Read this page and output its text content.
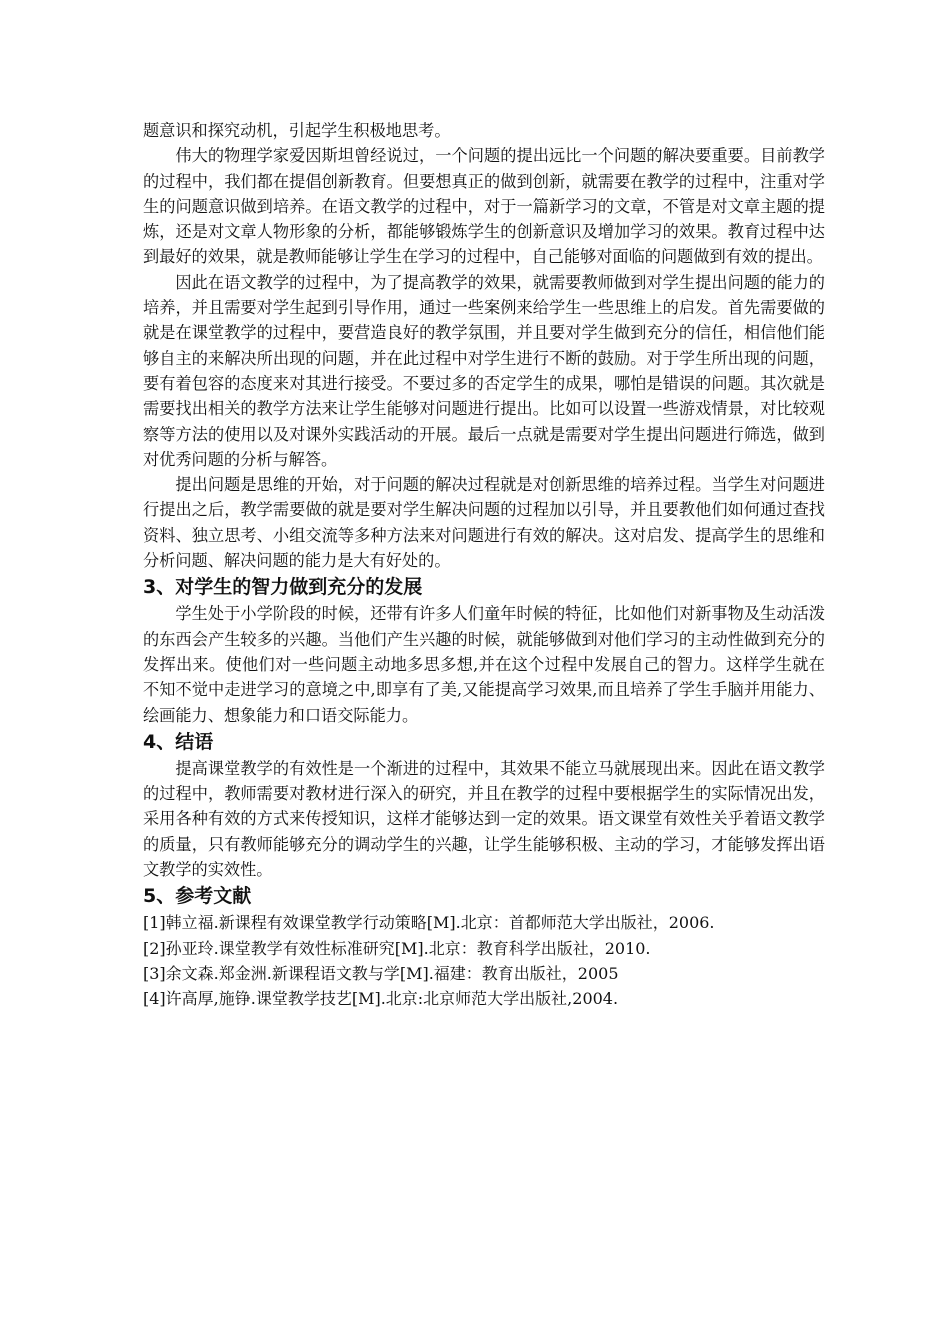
题意识和探究动机，引起学生积极地思考。

伟大的物理学家爱因斯坦曾经说过，一个问题的提出远比一个问题的解决要重要。目前教学的过程中，我们都在提倡创新教育。但要想真正的做到创新，就需要在教学的过程中，注重对学生的问题意识做到培养。在语文教学的过程中，对于一篇新学习的文章，不管是对文章主题的提炼，还是对文章人物形象的分析，都能够锻炼学生的创新意识及增加学习的效果。教育过程中达到最好的效果，就是教师能够让学生在学习的过程中，自己能够对面临的问题做到有效的提出。

因此在语文教学的过程中，为了提高教学的效果，就需要教师做到对学生提出问题的能力的培养，并且需要对学生起到引导作用，通过一些案例来给学生一些思维上的启发。首先需要做的就是在课堂教学的过程中，要营造良好的教学氛围，并且要对学生做到充分的信任，相信他们能够自主的来解决所出现的问题，并在此过程中对学生进行不断的鼓励。对于学生所出现的问题，要有着包容的态度来对其进行接受。不要过多的否定学生的成果，哪怕是错误的问题。其次就是需要找出相关的教学方法来让学生能够对问题进行提出。比如可以设置一些游戏情景，对比较观察等方法的使用以及对课外实践活动的开展。最后一点就是需要对学生提出问题进行筛选，做到对优秀问题的分析与解答。

提出问题是思维的开始，对于问题的解决过程就是对创新思维的培养过程。当学生对问题进行提出之后，教学需要做的就是要对学生解决问题的过程加以引导，并且要教他们如何通过查找资料、独立思考、小组交流等多种方法来对问题进行有效的解决。这对启发、提高学生的思维和分析问题、解决问题的能力是大有好处的。

3、对学生的智力做到充分的发展

学生处于小学阶段的时候，还带有许多人们童年时候的特征，比如他们对新事物及生动活泼的东西会产生较多的兴趣。当他们产生兴趣的时候，就能够做到对他们学习的主动性做到充分的发挥出来。使他们对一些问题主动地多思多想,并在这个过程中发展自己的智力。这样学生就在不知不觉中走进学习的意境之中,即享有了美,又能提高学习效果,而且培养了学生手脑并用能力、绘画能力、想象能力和口语交际能力。

4、结语

提高课堂教学的有效性是一个渐进的过程中，其效果不能立马就展现出来。因此在语文教学的过程中，教师需要对教材进行深入的研究，并且在教学的过程中要根据学生的实际情况出发，采用各种有效的方式来传授知识，这样才能够达到一定的效果。语文课堂有效性关乎着语文教学的质量，只有教师能够充分的调动学生的兴趣，让学生能够积极、主动的学习，才能够发挥出语文教学的实效性。

5、参考文献
[1]韩立福.新课程有效课堂教学行动策略[M].北京：首都师范大学出版社，2006.
[2]孙亚玲.课堂教学有效性标准研究[M].北京：教育科学出版社，2010.
[3]余文森.郑金洲.新课程语文教与学[M].福建：教育出版社，2005
[4]许高厚,施铮.课堂教学技艺[M].北京:北京师范大学出版社,2004.
